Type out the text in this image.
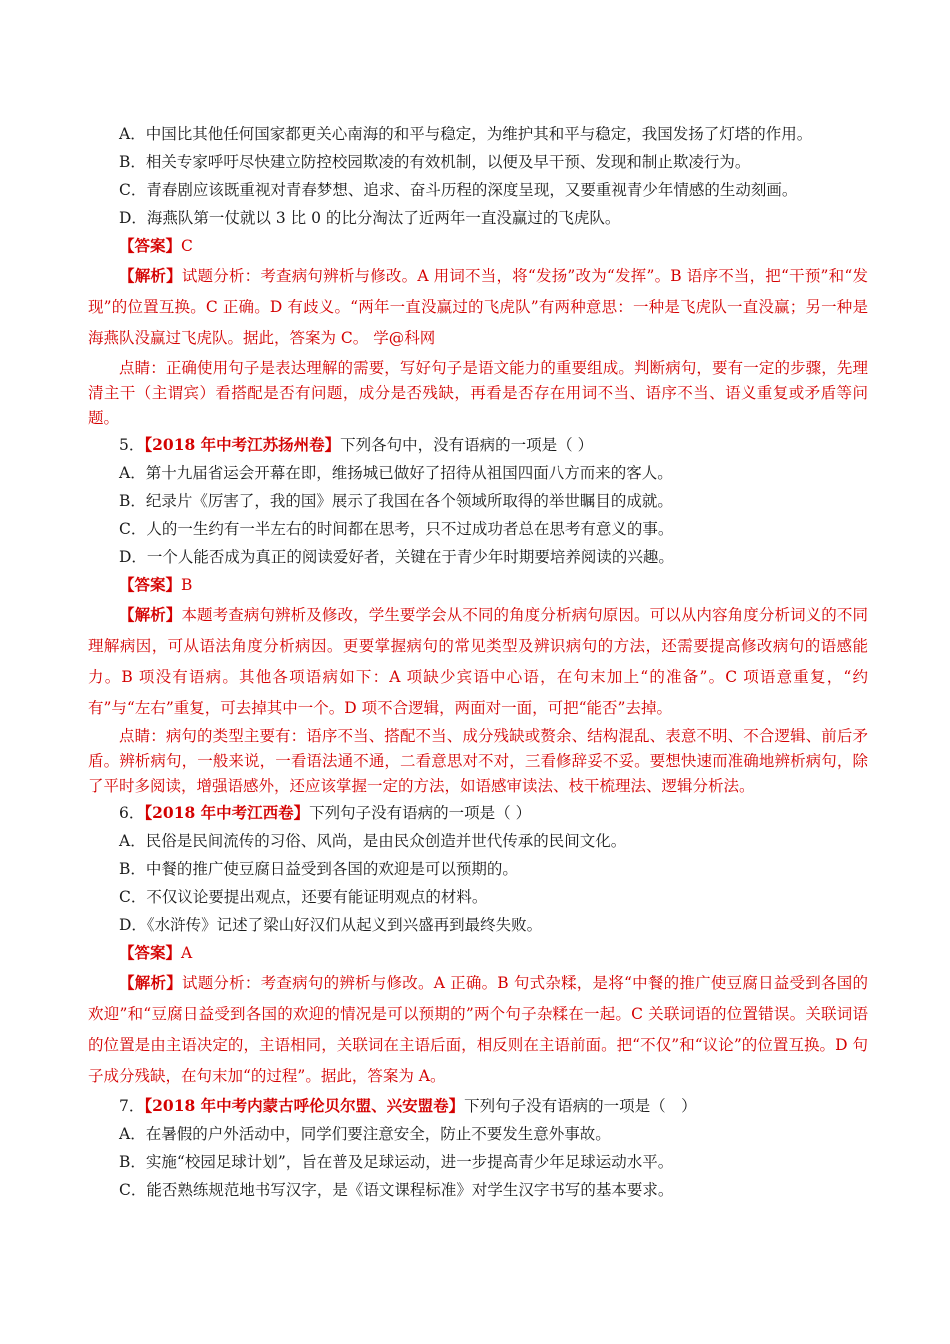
A．中国比其他任何国家都更关心南海的和平与稳定，为维护其和平与稳定，我国发扬了灯塔的作用。
B．相关专家呼吁尽快建立防控校园欺凌的有效机制，以便及早干预、发现和制止欺凌行为。
C．青春剧应该既重视对青春梦想、追求、奋斗历程的深度呈现，又要重视青少年情感的生动刻画。
D．海燕队第一仗就以 3 比 0 的比分淘汰了近两年一直没赢过的飞虎队。
【答案】C
【解析】试题分析：考查病句辨析与修改。A 用词不当，将“发扬”改为“发挥”。B 语序不当，把“干预”和“发现”的位置互换。C 正确。D 有歧义。“两年一直没赢过的飞虎队”有两种意思：一种是飞虎队一直没赢；另一种是海燕队没赢过飞虎队。据此，答案为 C。 学@科网
点睛：正确使用句子是表达理解的需要，写好句子是语文能力的重要组成。判断病句，要有一定的步骤，先理清主干（主谓宾）看搭配是否有问题，成分是否残缺，再看是否存在用词不当、语序不当、语义重复或矛盾等问题。
5．【2018 年中考江苏扬州卷】下列各句中，没有语病的一项是（ ）
A．第十九届省运会开幕在即，维扬城已做好了招待从祖国四面八方而来的客人。
B．纪录片《厉害了，我的国》展示了我国在各个领域所取得的举世瞩目的成就。
C．人的一生约有一半左右的时间都在思考，只不过成功者总在思考有意义的事。
D．一个人能否成为真正的阅读爱好者，关键在于青少年时期要培养阅读的兴趣。
【答案】B
【解析】本题考查病句辨析及修改，学生要学会从不同的角度分析病句原因。可以从内容角度分析词义的不同理解病因，可从语法角度分析病因。更要掌握病句的常见类型及辨识病句的方法，还需要提高修改病句的语感能力。B 项没有语病。其他各项语病如下：A 项缺少宾语中心语，在句末加上“的准备”。C 项语意重复，“约有”与“左右”重复，可去掉其中一个。D 项不合逻辑，两面对一面，可把“能否”去掉。
点睛：病句的类型主要有：语序不当、搭配不当、成分残缺或赘余、结构混乱、表意不明、不合逻辑、前后矛盾。辨析病句，一般来说，一看语法通不通，二看意思对不对，三看修辞妥不妥。要想快速而准确地辨析病句，除了平时多阅读，增强语感外，还应该掌握一定的方法，如语感审读法、枝干梳理法、逻辑分析法。
6．【2018 年中考江西卷】下列句子没有语病的一项是（ ）
A．民俗是民间流传的习俗、风尚，是由民众创造并世代传承的民间文化。
B．中餐的推广使豆腐日益受到各国的欢迎是可以预期的。
C．不仅议论要提出观点，还要有能证明观点的材料。
D．《水浒传》记述了梁山好汉们从起义到兴盛再到最终失败。
【答案】A
【解析】试题分析：考查病句的辨析与修改。A 正确。B 句式杂糅，是将“中餐的推广使豆腐日益受到各国的欢迎”和“豆腐日益受到各国的欢迎的情况是可以预期的”两个句子杂糅在一起。C 关联词语的位置错误。关联词语的位置是由主语决定的，主语相同，关联词在主语后面，相反则在主语前面。把“不仅”和“议论”的位置互换。D 句子成分残缺，在句末加“的过程”。据此，答案为 A。
7．【2018 年中考内蒙古呼伦贝尔盟、兴安盟卷】下列句子没有语病的一项是（　）
A．在暑假的户外活动中，同学们要注意安全，防止不要发生意外事故。
B．实施“校园足球计划”，旨在普及足球运动，进一步提高青少年足球运动水平。
C．能否熟练规范地书写汉字，是《语文课程标准》对学生汉字书写的基本要求。
